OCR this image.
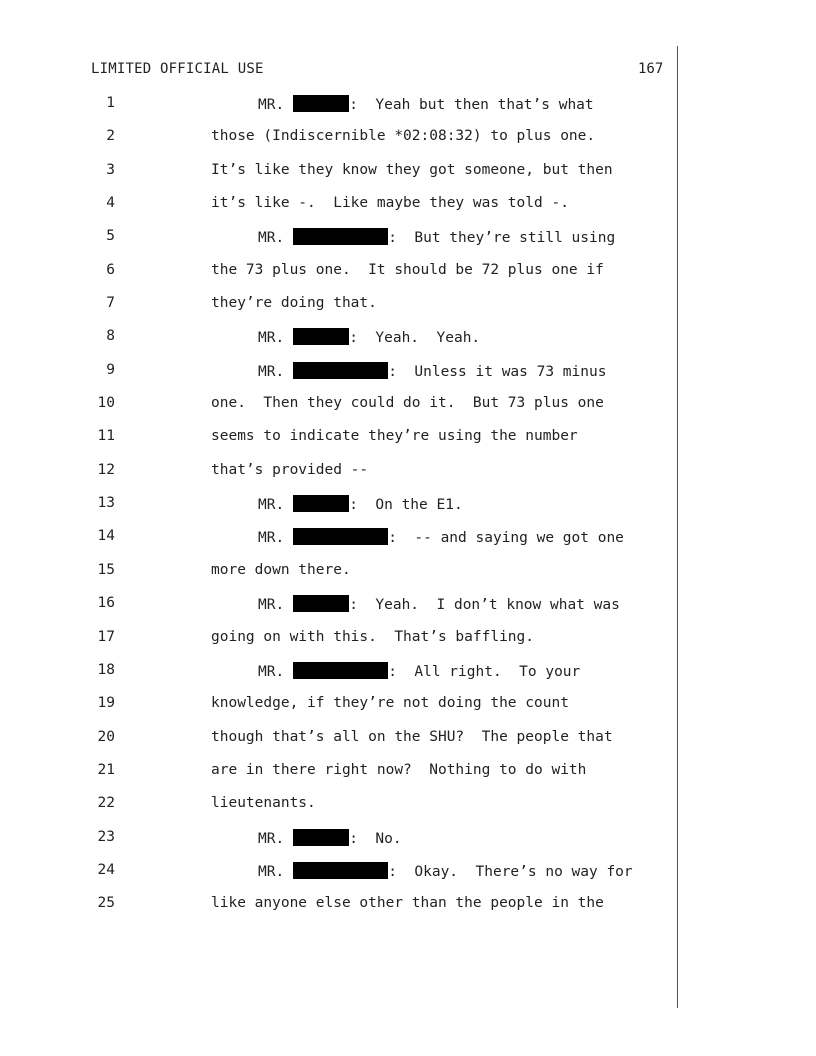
LIMITED OFFICIAL USE	167
1	MR.	:  Yeah but then that’s what
2	those (Indiscernible *02:08:32) to plus one.
3	It’s like they know they got someone, but then
4	it’s like -.  Like maybe they was told -.
5	MR.	:  But they’re still using
6	the 73 plus one.  It should be 72 plus one if
7	they’re doing that.
8	MR.	:  Yeah.  Yeah.
9	MR.	:  Unless it was 73 minus
10	one.  Then they could do it.  But 73 plus one
11	seems to indicate they’re using the number
12	that’s provided --
13	MR.	:  On the E1.
14	MR.	:  -- and saying we got one
15	more down there.
16	MR.	:  Yeah.  I don’t know what was
17	going on with this.  That’s baffling.
18	MR.	:  All right.  To your
19	knowledge, if they’re not doing the count
20	though that’s all on the SHU?  The people that
21	are in there right now?  Nothing to do with
22	lieutenants.
23	MR.	:  No.
24	MR.	:  Okay.  There’s no way for
25	like anyone else other than the people in the
